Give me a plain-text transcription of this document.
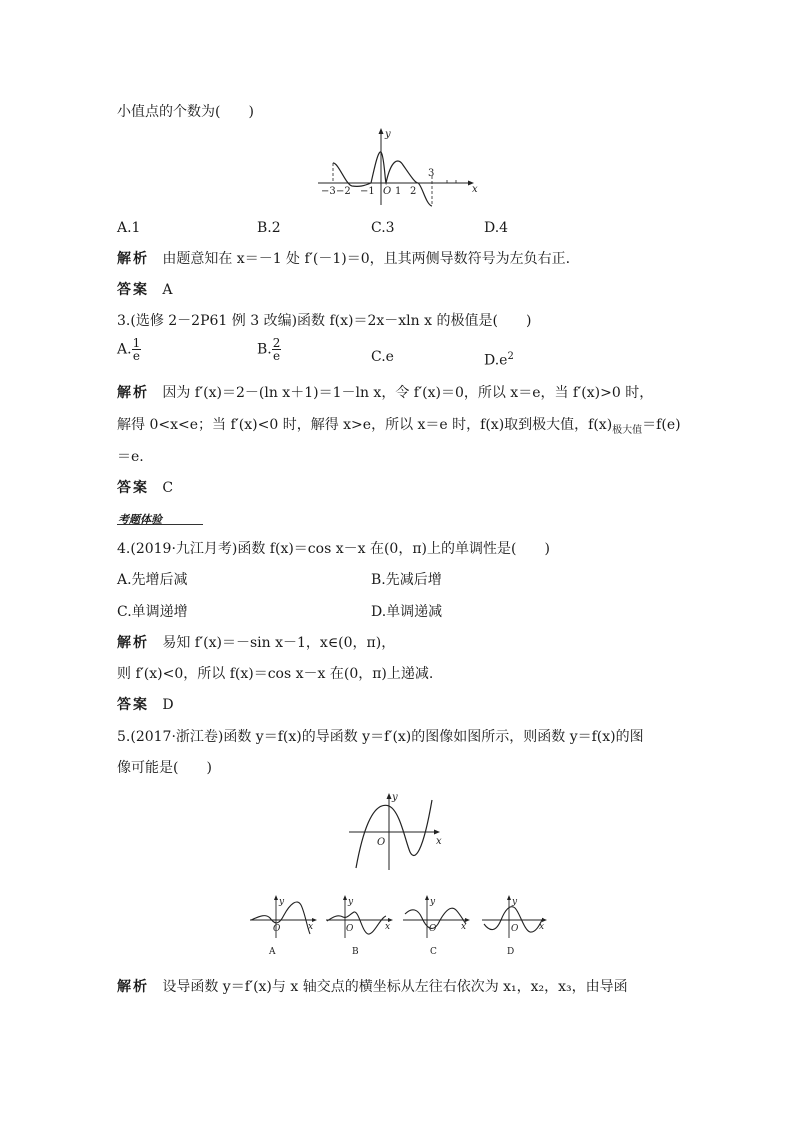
小值点的个数为(　　)
−3 −2 −1 O 1 2
3
x
y
A.1	B.2	C.3	D.4
解析 由题意知在 x＝－1 处 f′(－1)＝0，且其两侧导数符号为左负右正.
答案 A
3.(选修 2－2P61 例 3 改编)函数 f(x)＝2x－xln x 的极值是(　　)
A. $\frac{1}{e}$	B. $\frac{2}{e}$	C.e	$D.e^2$
解析 因为 f′(x)＝2－(ln x＋1)＝1－ln x，令 f′(x)＝0，所以 x＝e，当 f′(x)>0 时，
解得 0<x<e；当 f′(x)<0 时，解得 x>e，所以 x＝e 时，f(x)取到极大值，$f(x)_{极大值}=f(e)$
＝e.
答案 C
考题体验
4.(2019·九江月考)函数 f(x)＝cos x－x 在(0，π)上的单调性是(　　)
A.先增后减	B.先减后增
C.单调递增	D.单调递减
解析 易知 f′(x)＝－sin x－1，x∈(0，π)，
则 f′(x)<0，所以 f(x)＝cos x－x 在(0，π)上递减.
答案 D
5.(2017·浙江卷)函数 y＝f(x)的导函数 y＝f′(x)的图像如图所示，则函数 y＝f(x)的图
像可能是(　　)
O	x
y
O	x
y
A
O	x
y
B
O	x
y
C
O x
y
D
解析 设导函数 y＝f′(x)与 x 轴交点的横坐标从左往右依次为 x₁，x₂，x₃，由导函
